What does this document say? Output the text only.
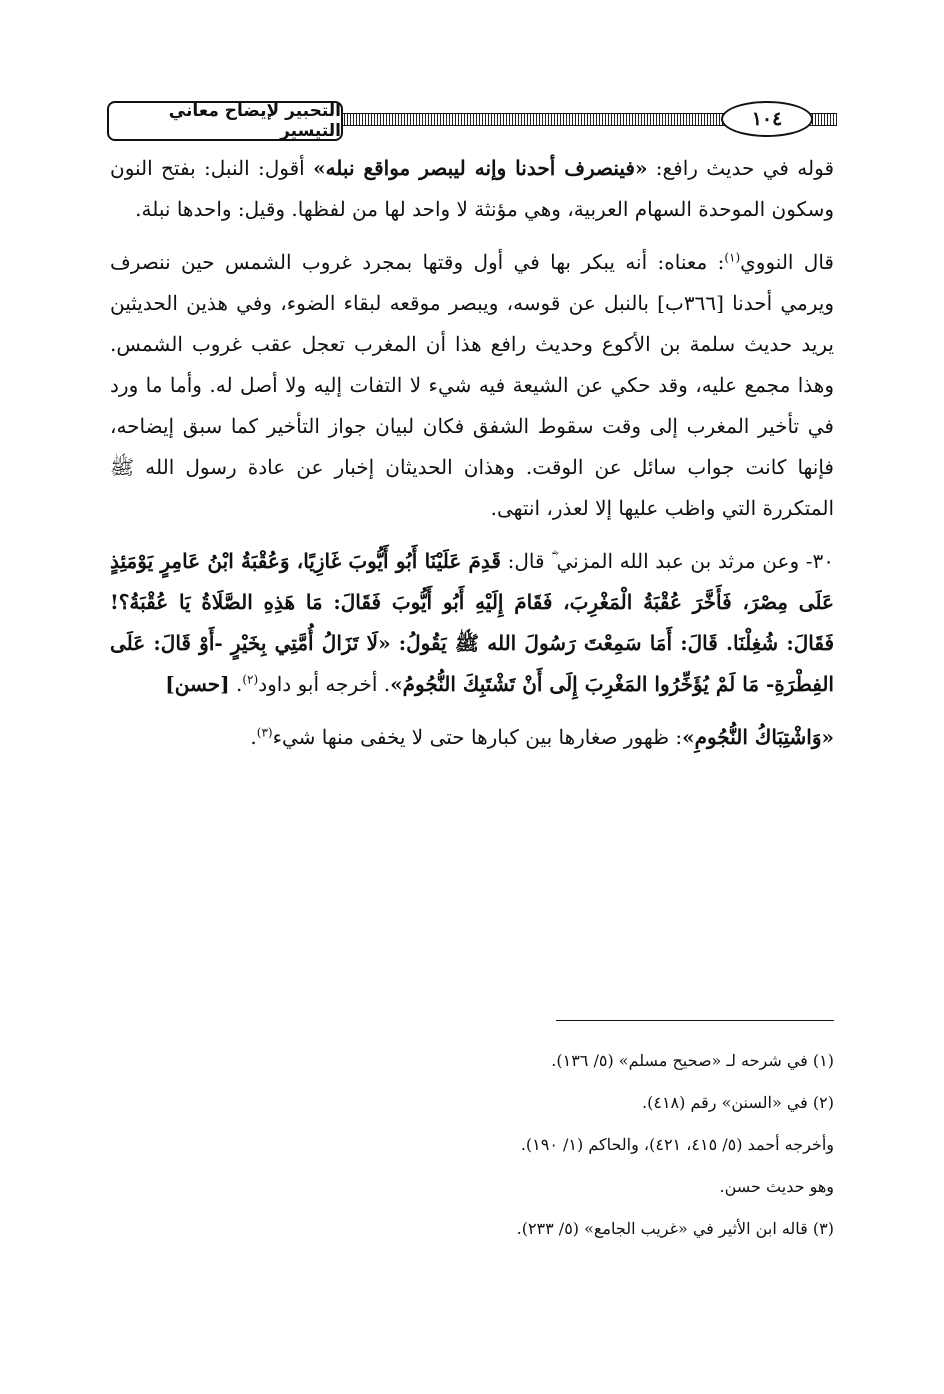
التحبير لإيضاح معاني التيسير
١٠٤

قوله في حديث رافع: «فينصرف أحدنا وإنه ليبصر مواقع نبله» أقول: النبل: بفتح النون وسكون الموحدة السهام العربية، وهي مؤنثة لا واحد لها من لفظها. وقيل: واحدها نبلة.

قال النووي$^{(١)}$: معناه: أنه يبكر بها في أول وقتها بمجرد غروب الشمس حين ننصرف ويرمي أحدنا [٣٦٦ب] بالنبل عن قوسه، ويبصر موقعه لبقاء الضوء، وفي هذين الحديثين يريد حديث سلمة بن الأكوع وحديث رافع هذا أن المغرب تعجل عقب غروب الشمس. وهذا مجمع عليه، وقد حكي عن الشيعة فيه شيء لا التفات إليه ولا أصل له. وأما ما ورد في تأخير المغرب إلى وقت سقوط الشفق فكان لبيان جواز التأخير كما سبق إيضاحه، فإنها كانت جواب سائل عن الوقت. وهذان الحديثان إخبار عن عادة رسول الله ﷺ المتكررة التي واظب عليها إلا لعذر، انتهى.

٣٠- وعن مرثد بن عبد الله المزني ؓ قال: قَدِمَ عَلَيْنَا أَبُو أَيُّوبَ غَازِيًا، وَعُقْبَةُ ابْنُ عَامِرٍ يَوْمَئِذٍ عَلَى مِصْرَ، فَأَخَّرَ عُقْبَةُ الْمَغْرِبَ، فَقَامَ إِلَيْهِ أَبُو أَيُّوبَ فَقَالَ: مَا هَذِهِ الصَّلَاةُ يَا عُقْبَةُ؟! فَقَالَ: شُغِلْنَا. قَالَ: أَمَا سَمِعْتَ رَسُولَ الله ﷺ يَقُولُ: «لَا تَزَالُ أُمَّتِي بِخَيْرٍ -أَوْ قَالَ: عَلَى الفِطْرَةِ- مَا لَمْ يُؤَخِّرُوا المَغْرِبَ إِلَى أَنْ تَشْتَبِكَ النُّجُومُ». أخرجه أبو داود$^{(٢)}$. [حسن]

«وَاشْتِبَاكُ النُّجُومِ»: ظهور صغارها بين كبارها حتى لا يخفى منها شيء$^{(٣)}$.

(١) في شرحه لـ «صحيح مسلم» (٥/ ١٣٦).
(٢) في «السنن» رقم (٤١٨).
وأخرجه أحمد (٥/ ٤١٥، ٤٢١)، والحاكم (١/ ١٩٠).
وهو حديث حسن.
(٣) قاله ابن الأثير في «غريب الجامع» (٥/ ٢٣٣).
